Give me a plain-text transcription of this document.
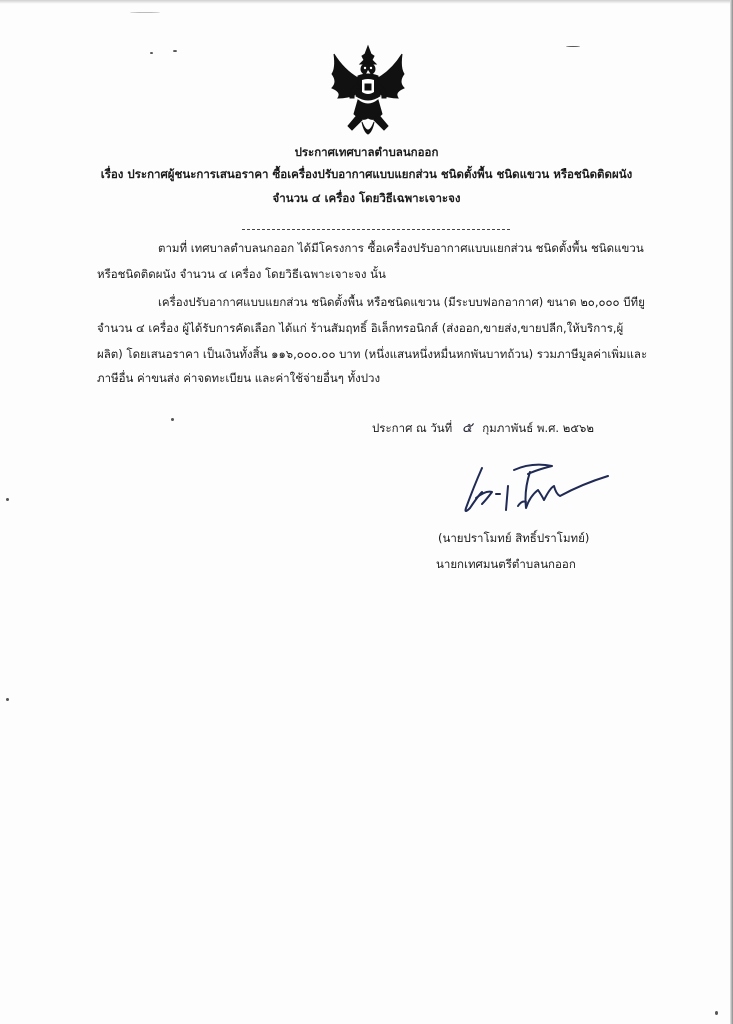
ประกาศเทศบาลตำบลนกออก
เรื่อง ประกาศผู้ชนะการเสนอราคา ซื้อเครื่องปรับอากาศแบบแยกส่วน ชนิดตั้งพื้น ชนิดแขวน หรือชนิดติดผนัง
จำนวน ๔ เครื่อง โดยวิธีเฉพาะเจาะจง
ตามที่ เทศบาลตำบลนกออก ได้มีโครงการ ซื้อเครื่องปรับอากาศแบบแยกส่วน ชนิดตั้งพื้น ชนิดแขวน
หรือชนิดติดผนัง จำนวน ๔ เครื่อง โดยวิธีเฉพาะเจาะจง นั้น
เครื่องปรับอากาศแบบแยกส่วน ชนิดตั้งพื้น หรือชนิดแขวน (มีระบบฟอกอากาศ) ขนาด ๒๐,๐๐๐ บีทียู
จำนวน ๔ เครื่อง ผู้ได้รับการคัดเลือก ได้แก่ ร้านสัมฤทธิ์ อิเล็กทรอนิกส์ (ส่งออก,ขายส่ง,ขายปลีก,ให้บริการ,ผู้
ผลิต) โดยเสนอราคา เป็นเงินทั้งสิ้น ๑๑๖,๐๐๐.๐๐ บาท (หนึ่งแสนหนึ่งหมื่นหกพันบาทถ้วน) รวมภาษีมูลค่าเพิ่มและ
ภาษีอื่น ค่าขนส่ง ค่าจดทะเบียน และค่าใช้จ่ายอื่นๆ ทั้งปวง
ประกาศ ณ วันที่ ๕ กุมภาพันธ์ พ.ศ. ๒๕๖๒
(นายปราโมทย์ สิทธิ์ปราโมทย์)
นายกเทศมนตรีตำบลนกออก
